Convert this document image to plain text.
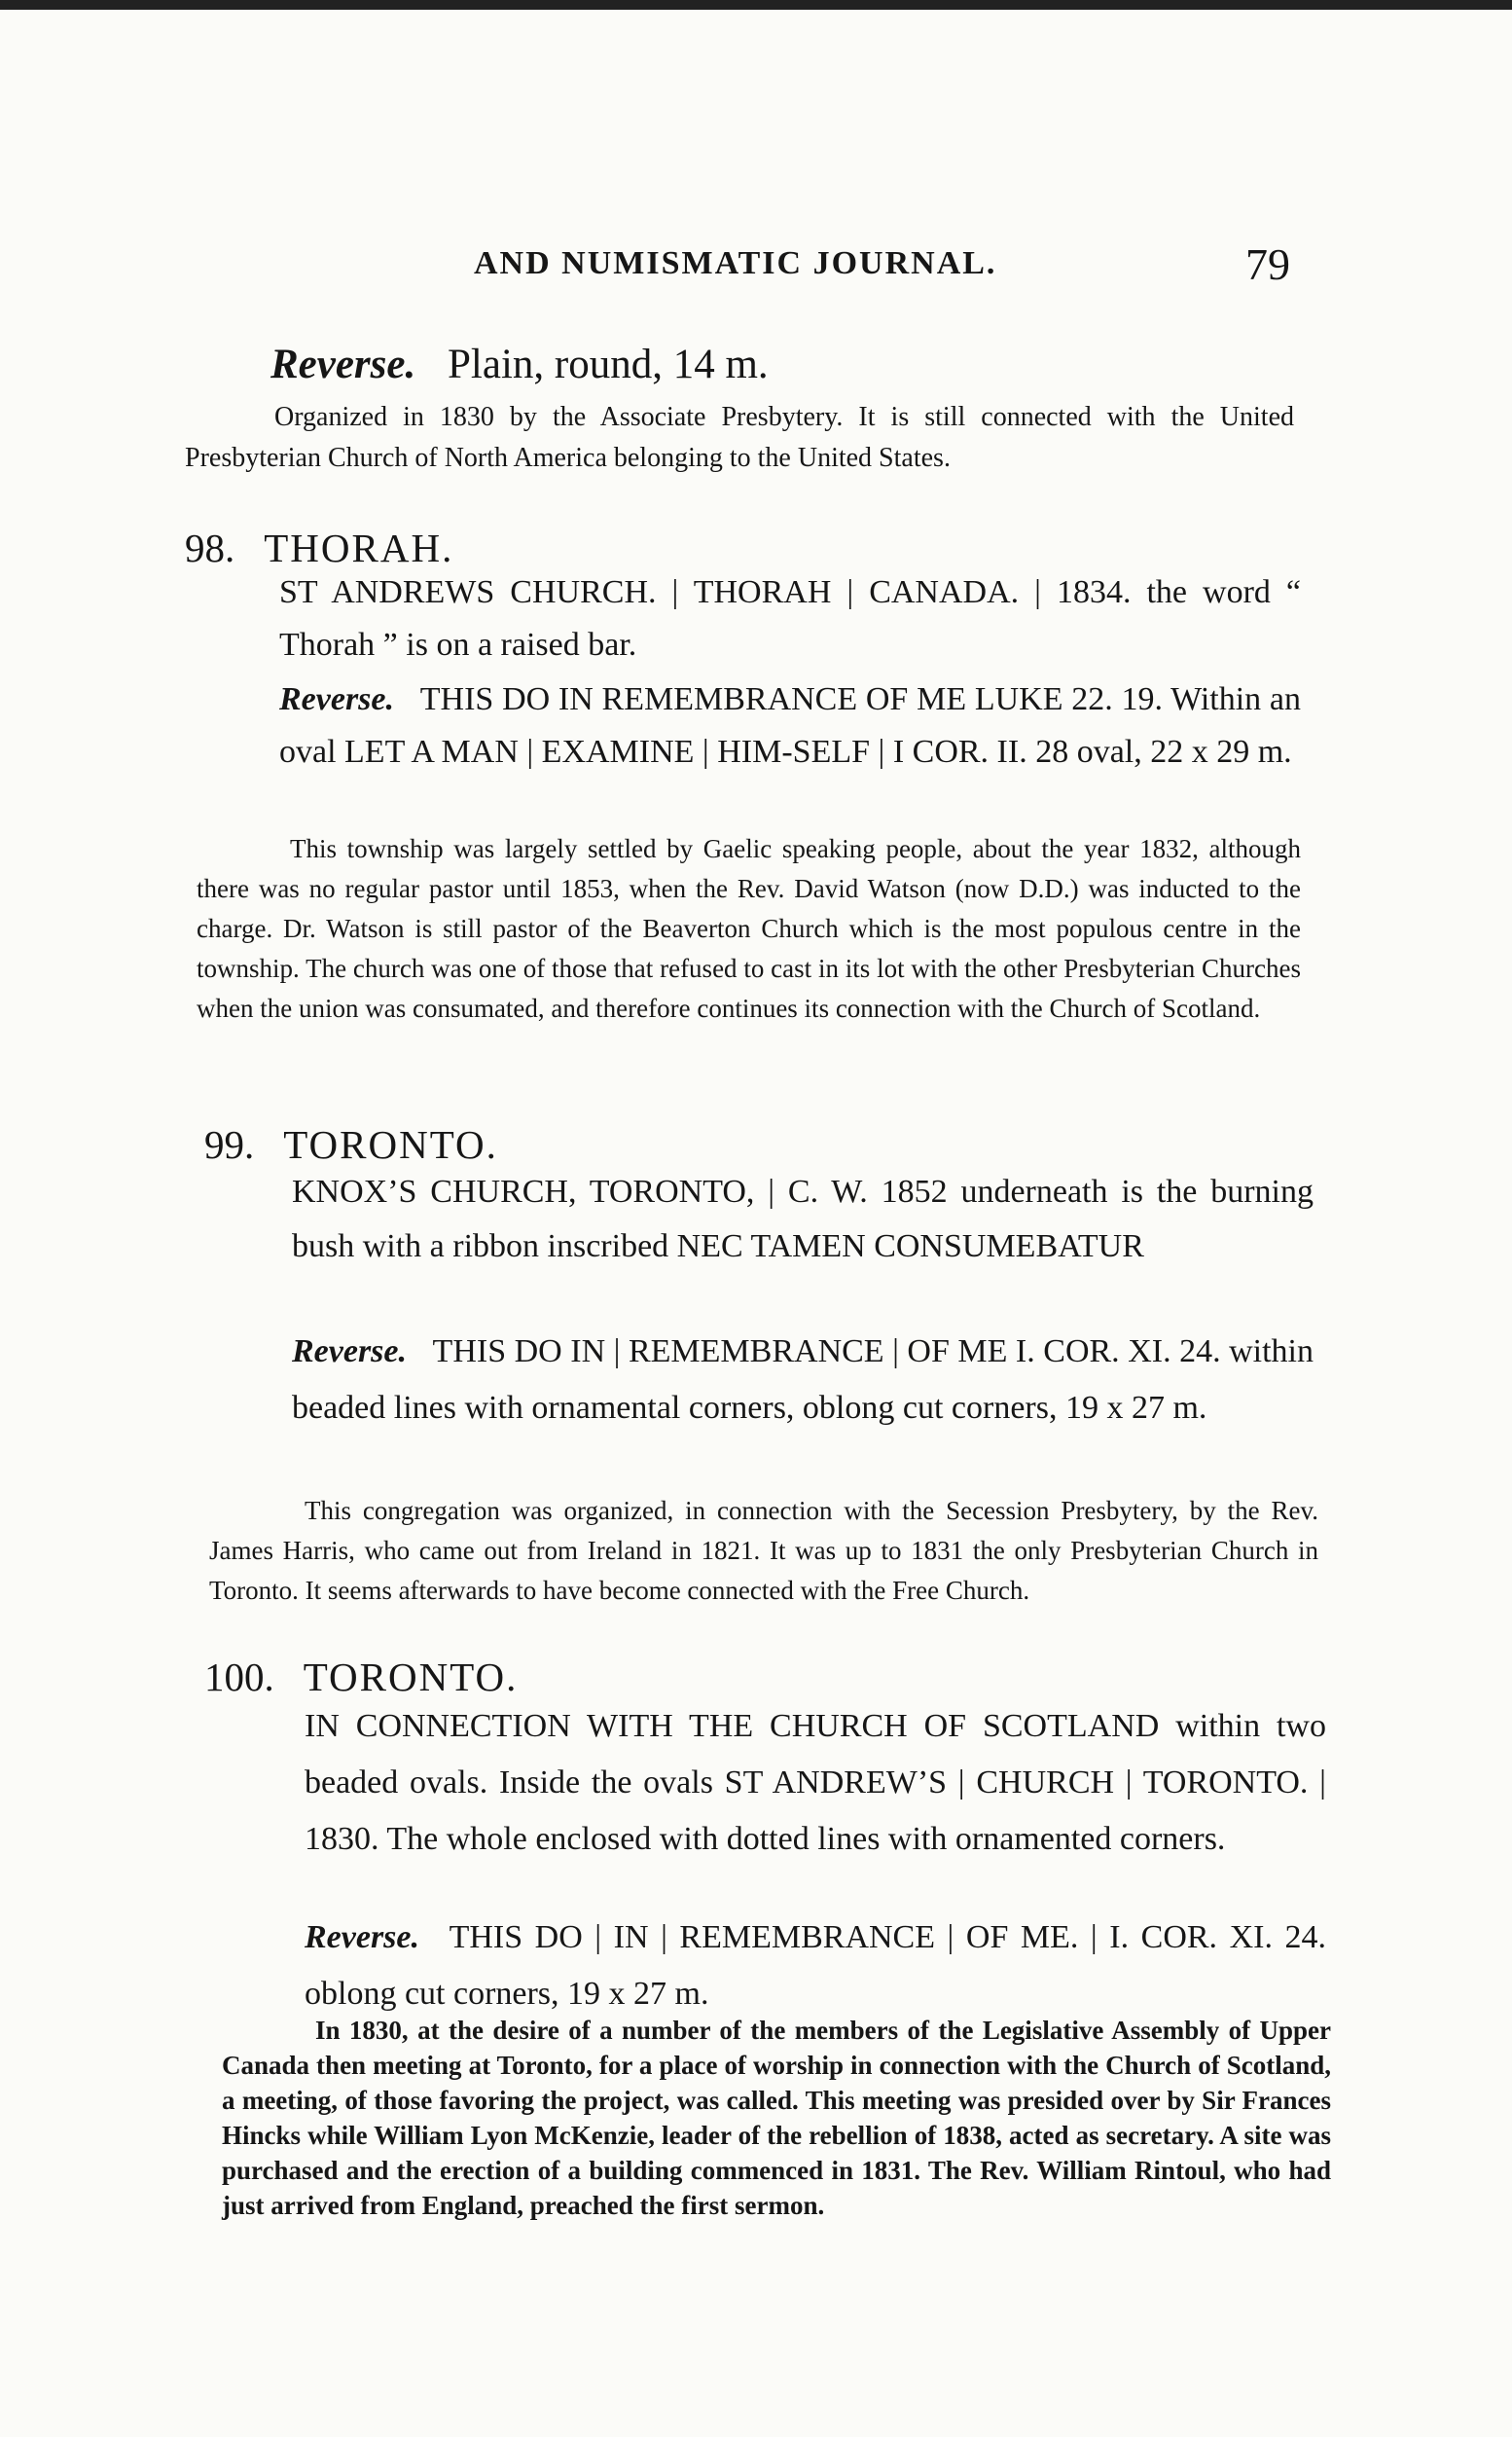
AND NUMISMATIC JOURNAL.	79
Reverse. Plain, round, 14 m.
Organized in 1830 by the Associate Presbytery. It is still connected with the United Presbyterian Church of North America belonging to the United States.
98. THORAH.
ST ANDREWS CHURCH. | THORAH | CANADA. | 1834. the word “ Thorah ” is on a raised bar.
Reverse. THIS DO IN REMEMBRANCE OF ME LUKE 22. 19. Within an oval LET A MAN | EXAMINE | HIM-SELF | I COR. II. 28 oval, 22 x 29 m.
This township was largely settled by Gaelic speaking people, about the year 1832, although there was no regular pastor until 1853, when the Rev. David Watson (now D.D.) was inducted to the charge. Dr. Watson is still pastor of the Beaverton Church which is the most populous centre in the township. The church was one of those that refused to cast in its lot with the other Presbyterian Churches when the union was consumated, and therefore continues its connection with the Church of Scotland.
99. TORONTO.
KNOX’S CHURCH, TORONTO, | C. W. 1852 underneath is the burning bush with a ribbon inscribed NEC TAMEN CONSUMEBATUR
Reverse. THIS DO IN | REMEMBRANCE | OF ME I. COR. XI. 24. within beaded lines with ornamental corners, oblong cut corners, 19 x 27 m.
This congregation was organized, in connection with the Secession Presbytery, by the Rev. James Harris, who came out from Ireland in 1821. It was up to 1831 the only Presbyterian Church in Toronto. It seems afterwards to have become connected with the Free Church.
100. TORONTO.
IN CONNECTION WITH THE CHURCH OF SCOTLAND within two beaded ovals. Inside the ovals ST ANDREW’S | CHURCH | TORONTO. | 1830. The whole enclosed with dotted lines with ornamented corners.
Reverse. THIS DO | IN | REMEMBRANCE | OF ME. | I. COR. XI. 24. oblong cut corners, 19 x 27 m.
In 1830, at the desire of a number of the members of the Legislative Assembly of Upper Canada then meeting at Toronto, for a place of worship in connection with the Church of Scotland, a meeting, of those favoring the project, was called. This meeting was presided over by Sir Frances Hincks while William Lyon McKenzie, leader of the rebellion of 1838, acted as secretary. A site was purchased and the erection of a building commenced in 1831. The Rev. William Rintoul, who had just arrived from England, preached the first sermon.
